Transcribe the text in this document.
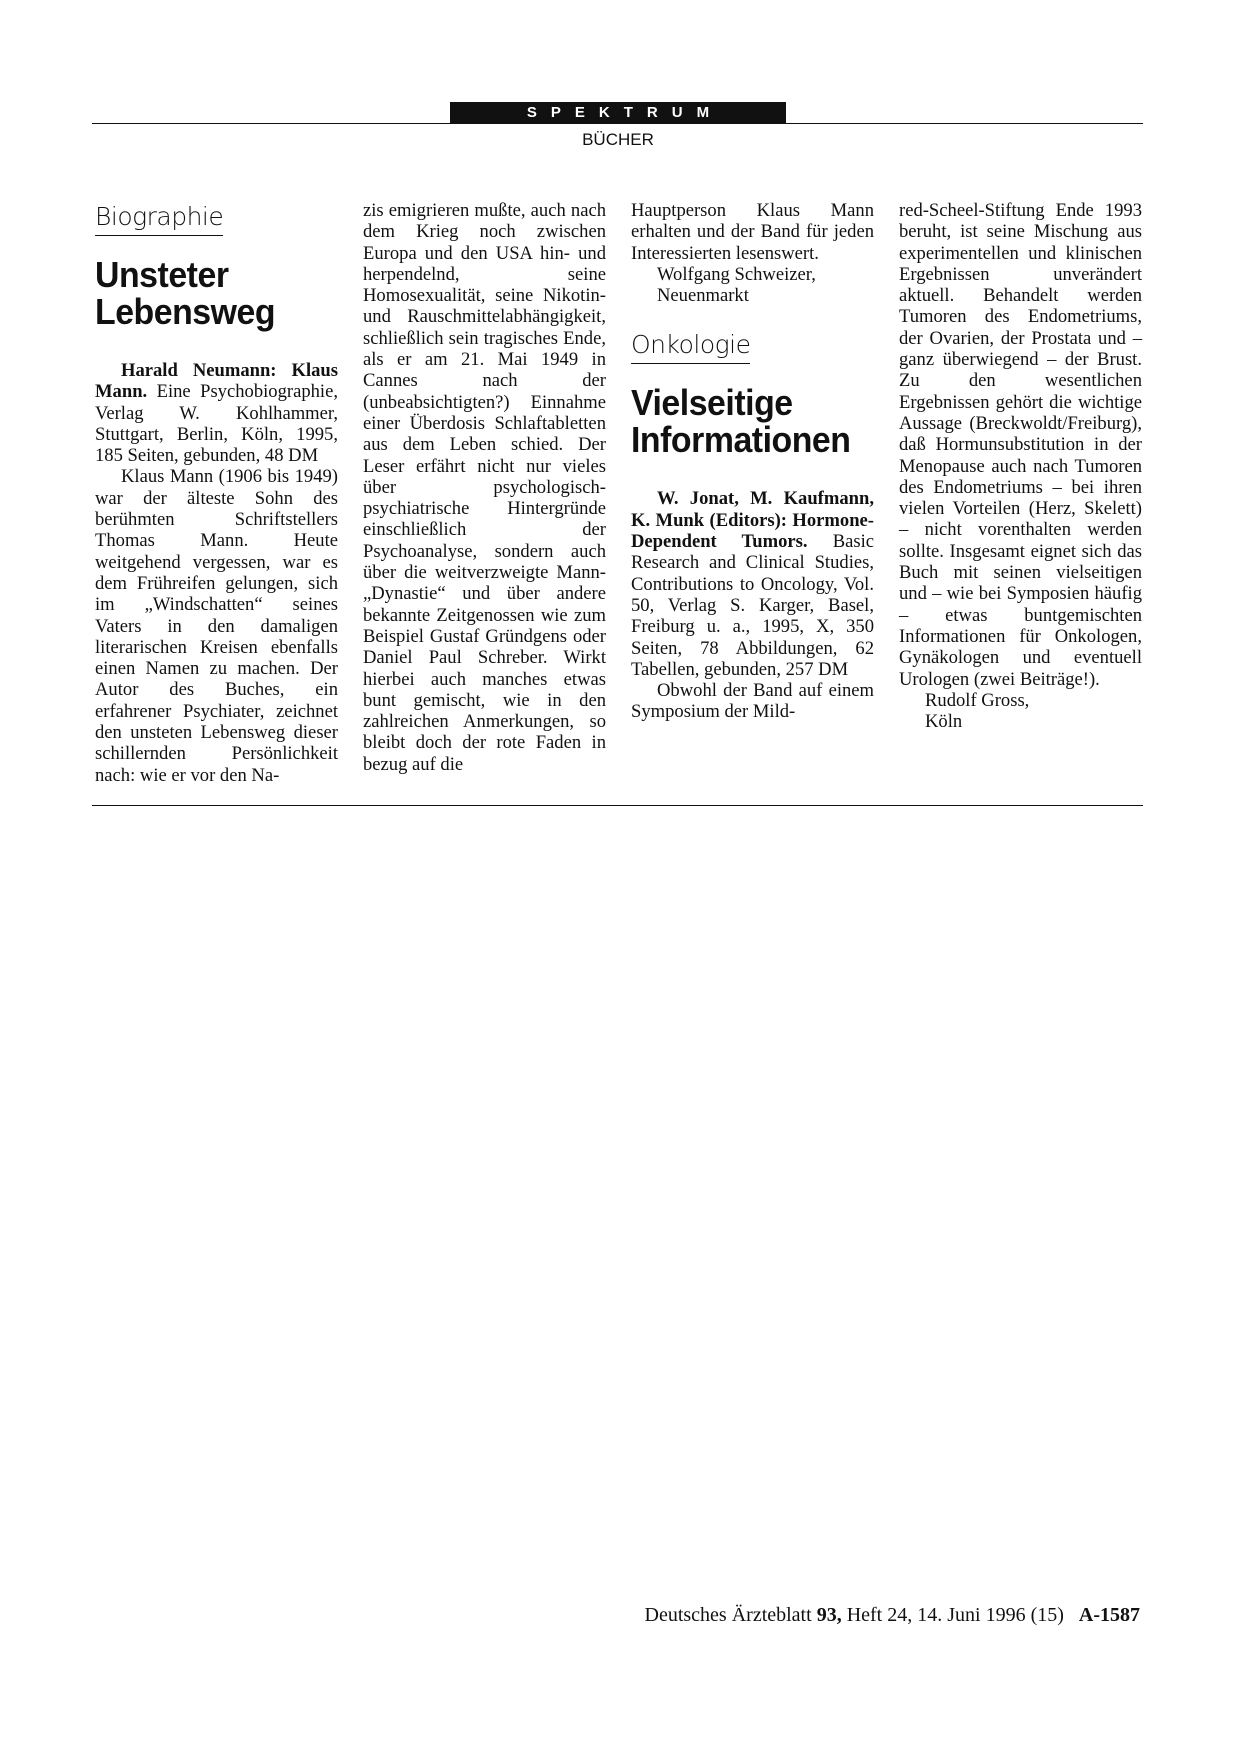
SPEKTRUM
BÜCHER
Biographie
Unsteter
Lebensweg

Harald Neumann: Klaus Mann. Eine Psychobiographie, Verlag W. Kohlhammer, Stuttgart, Berlin, Köln, 1995, 185 Seiten, gebunden, 48 DM

Klaus Mann (1906 bis 1949) war der älteste Sohn des berühmten Schriftstellers Thomas Mann. Heute weitgehend vergessen, war es dem Frühreifen gelungen, sich im „Windschatten“ seines Vaters in den damaligen literarischen Kreisen ebenfalls einen Namen zu machen. Der Autor des Buches, ein erfahrener Psychiater, zeichnet den unsteten Lebensweg dieser schillernden Persönlichkeit nach: wie er vor den Na-

zis emigrieren mußte, auch nach dem Krieg noch zwischen Europa und den USA hin- und herpendelnd, seine Homosexualität, seine Nikotin- und Rauschmittelabhängigkeit, schließlich sein tragisches Ende, als er am 21. Mai 1949 in Cannes nach der (unbeabsichtigten?) Einnahme einer Überdosis Schlaftabletten aus dem Leben schied. Der Leser erfährt nicht nur vieles über psychologisch-psychiatrische Hintergründe einschließlich der Psychoanalyse, sondern auch über die weitverzweigte Mann-„Dynastie“ und über andere bekannte Zeitgenossen wie zum Beispiel Gustaf Gründgens oder Daniel Paul Schreber. Wirkt hierbei auch manches etwas bunt gemischt, wie in den zahlreichen Anmerkungen, so bleibt doch der rote Faden in bezug auf die

Hauptperson Klaus Mann erhalten und der Band für jeden Interessierten lesenswert.

Wolfgang Schweizer,

Neuenmarkt

Onkologie
Vielseitige
Informationen

W. Jonat, M. Kaufmann, K. Munk (Editors): Hormone-Dependent Tumors. Basic Research and Clinical Studies, Contributions to Oncology, Vol. 50, Verlag S. Karger, Basel, Freiburg u. a., 1995, X, 350 Seiten, 78 Abbildungen, 62 Tabellen, gebunden, 257 DM

Obwohl der Band auf einem Symposium der Mild-

red-Scheel-Stiftung Ende 1993 beruht, ist seine Mischung aus experimentellen und klinischen Ergebnissen unverändert aktuell. Behandelt werden Tumoren des Endometriums, der Ovarien, der Prostata und – ganz überwiegend – der Brust. Zu den wesentlichen Ergebnissen gehört die wichtige Aussage (Breckwoldt/Freiburg), daß Hormunsubstitution in der Menopause auch nach Tumoren des Endometriums – bei ihren vielen Vorteilen (Herz, Skelett) – nicht vorenthalten werden sollte. Insgesamt eignet sich das Buch mit seinen vielseitigen und – wie bei Symposien häufig – etwas buntgemischten Informationen für Onkologen, Gynäkologen und eventuell Urologen (zwei Beiträge!).

Rudolf Gross,

Köln

Deutsches Ärzteblatt 93, Heft 24, 14. Juni 1996 (15) A-1587
